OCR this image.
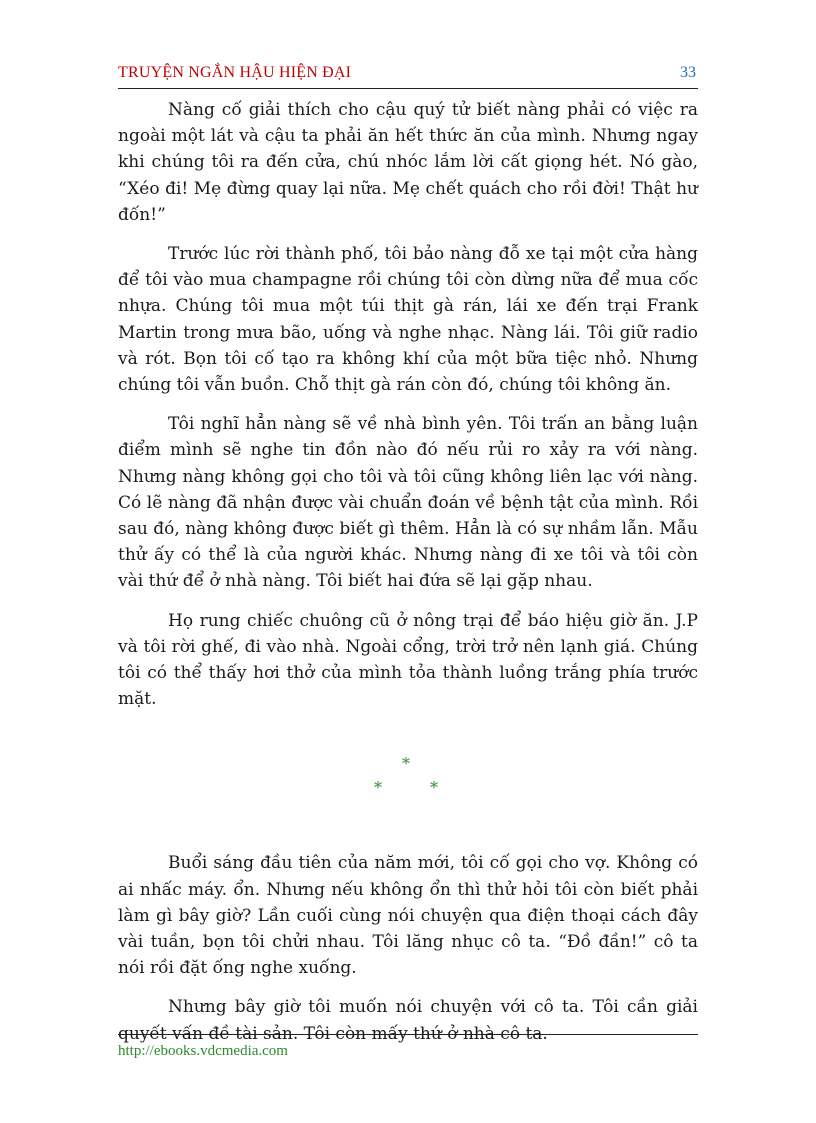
TRUYỆN NGẮN HẬU HIỆN ĐẠI	33

Nàng cố giải thích cho cậu quý tử biết nàng phải có việc ra ngoài một lát và cậu ta phải ăn hết thức ăn của mình. Nhưng ngay khi chúng tôi ra đến cửa, chú nhóc lắm lời cất giọng hét. Nó gào, “Xéo đi! Mẹ đừng quay lại nữa. Mẹ chết quách cho rồi đời! Thật hư đốn!”

Trước lúc rời thành phố, tôi bảo nàng đỗ xe tại một cửa hàng để tôi vào mua champagne rồi chúng tôi còn dừng nữa để mua cốc nhựa. Chúng tôi mua một túi thịt gà rán, lái xe đến trại Frank Martin trong mưa bão, uống và nghe nhạc. Nàng lái. Tôi giữ radio và rót. Bọn tôi cố tạo ra không khí của một bữa tiệc nhỏ. Nhưng chúng tôi vẫn buồn. Chỗ thịt gà rán còn đó, chúng tôi không ăn.

Tôi nghĩ hẳn nàng sẽ về nhà bình yên. Tôi trấn an bằng luận điểm mình sẽ nghe tin đồn nào đó nếu rủi ro xảy ra với nàng. Nhưng nàng không gọi cho tôi và tôi cũng không liên lạc với nàng. Có lẽ nàng đã nhận được vài chuẩn đoán về bệnh tật của mình. Rồi sau đó, nàng không được biết gì thêm. Hẳn là có sự nhầm lẫn. Mẫu thử ấy có thể là của người khác. Nhưng nàng đi xe tôi và tôi còn vài thứ để ở nhà nàng. Tôi biết hai đứa sẽ lại gặp nhau.

Họ rung chiếc chuông cũ ở nông trại để báo hiệu giờ ăn. J.P và tôi rời ghế, đi vào nhà. Ngoài cổng, trời trở nên lạnh giá. Chúng tôi có thể thấy hơi thở của mình tỏa thành luồng trắng phía trước mặt.

*
*	*

Buổi sáng đầu tiên của năm mới, tôi cố gọi cho vợ. Không có ai nhấc máy. ổn. Nhưng nếu không ổn thì thử hỏi tôi còn biết phải làm gì bây giờ? Lần cuối cùng nói chuyện qua điện thoại cách đây vài tuần, bọn tôi chửi nhau. Tôi lăng nhục cô ta. “Đồ đần!” cô ta nói rồi đặt ống nghe xuống.

Nhưng bây giờ tôi muốn nói chuyện với cô ta. Tôi cần giải quyết vấn đề tài sản. Tôi còn mấy thứ ở nhà cô ta.

http://ebooks.vdcmedia.com
